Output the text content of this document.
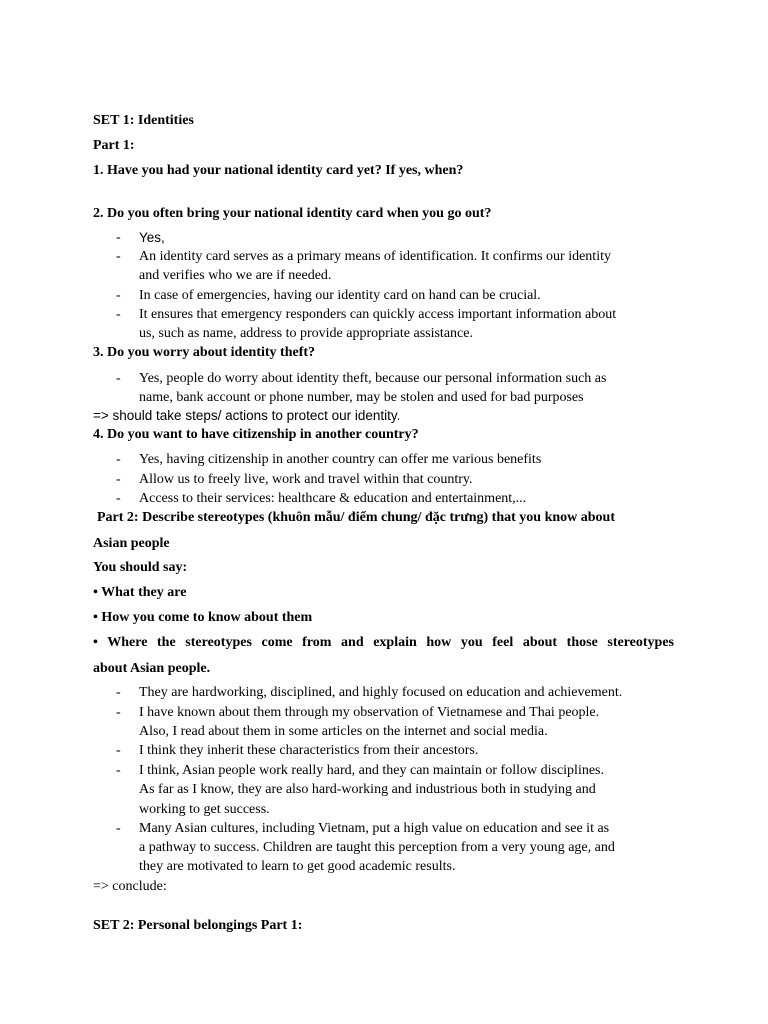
SET 1: Identities
Part 1:
1. Have you had your national identity card yet? If yes, when?
2. Do you often bring your national identity card when you go out?
- Yes,
- An identity card serves as a primary means of identification. It confirms our identity
and verifies who we are if needed.
- In case of emergencies, having our identity card on hand can be crucial.
- It ensures that emergency responders can quickly access important information about
us, such as name, address to provide appropriate assistance.
3. Do you worry about identity theft?
- Yes, people do worry about identity theft, because our personal information such as
name, bank account or phone number, may be stolen and used for bad purposes
=> should take steps/ actions to protect our identity.
4. Do you want to have citizenship in another country?
- Yes, having citizenship in another country can offer me various benefits
- Allow us to freely live, work and travel within that country.
- Access to their services: healthcare & education and entertainment,...
Part 2: Describe stereotypes (khuôn mẫu/ điểm chung/ đặc trưng) that you know about
Asian people
You should say:
• What they are
• How you come to know about them
• Where the stereotypes come from and explain how you feel about those stereotypes
about Asian people.
- They are hardworking, disciplined, and highly focused on education and achievement.
- I have known about them through my observation of Vietnamese and Thai people.
Also, I read about them in some articles on the internet and social media.
- I think they inherit these characteristics from their ancestors.
- I think, Asian people work really hard, and they can maintain or follow disciplines.
As far as I know, they are also hard-working and industrious both in studying and
working to get success.
- Many Asian cultures, including Vietnam, put a high value on education and see it as
a pathway to success. Children are taught this perception from a very young age, and
they are motivated to learn to get good academic results.
=> conclude:
SET 2: Personal belongings Part 1:
